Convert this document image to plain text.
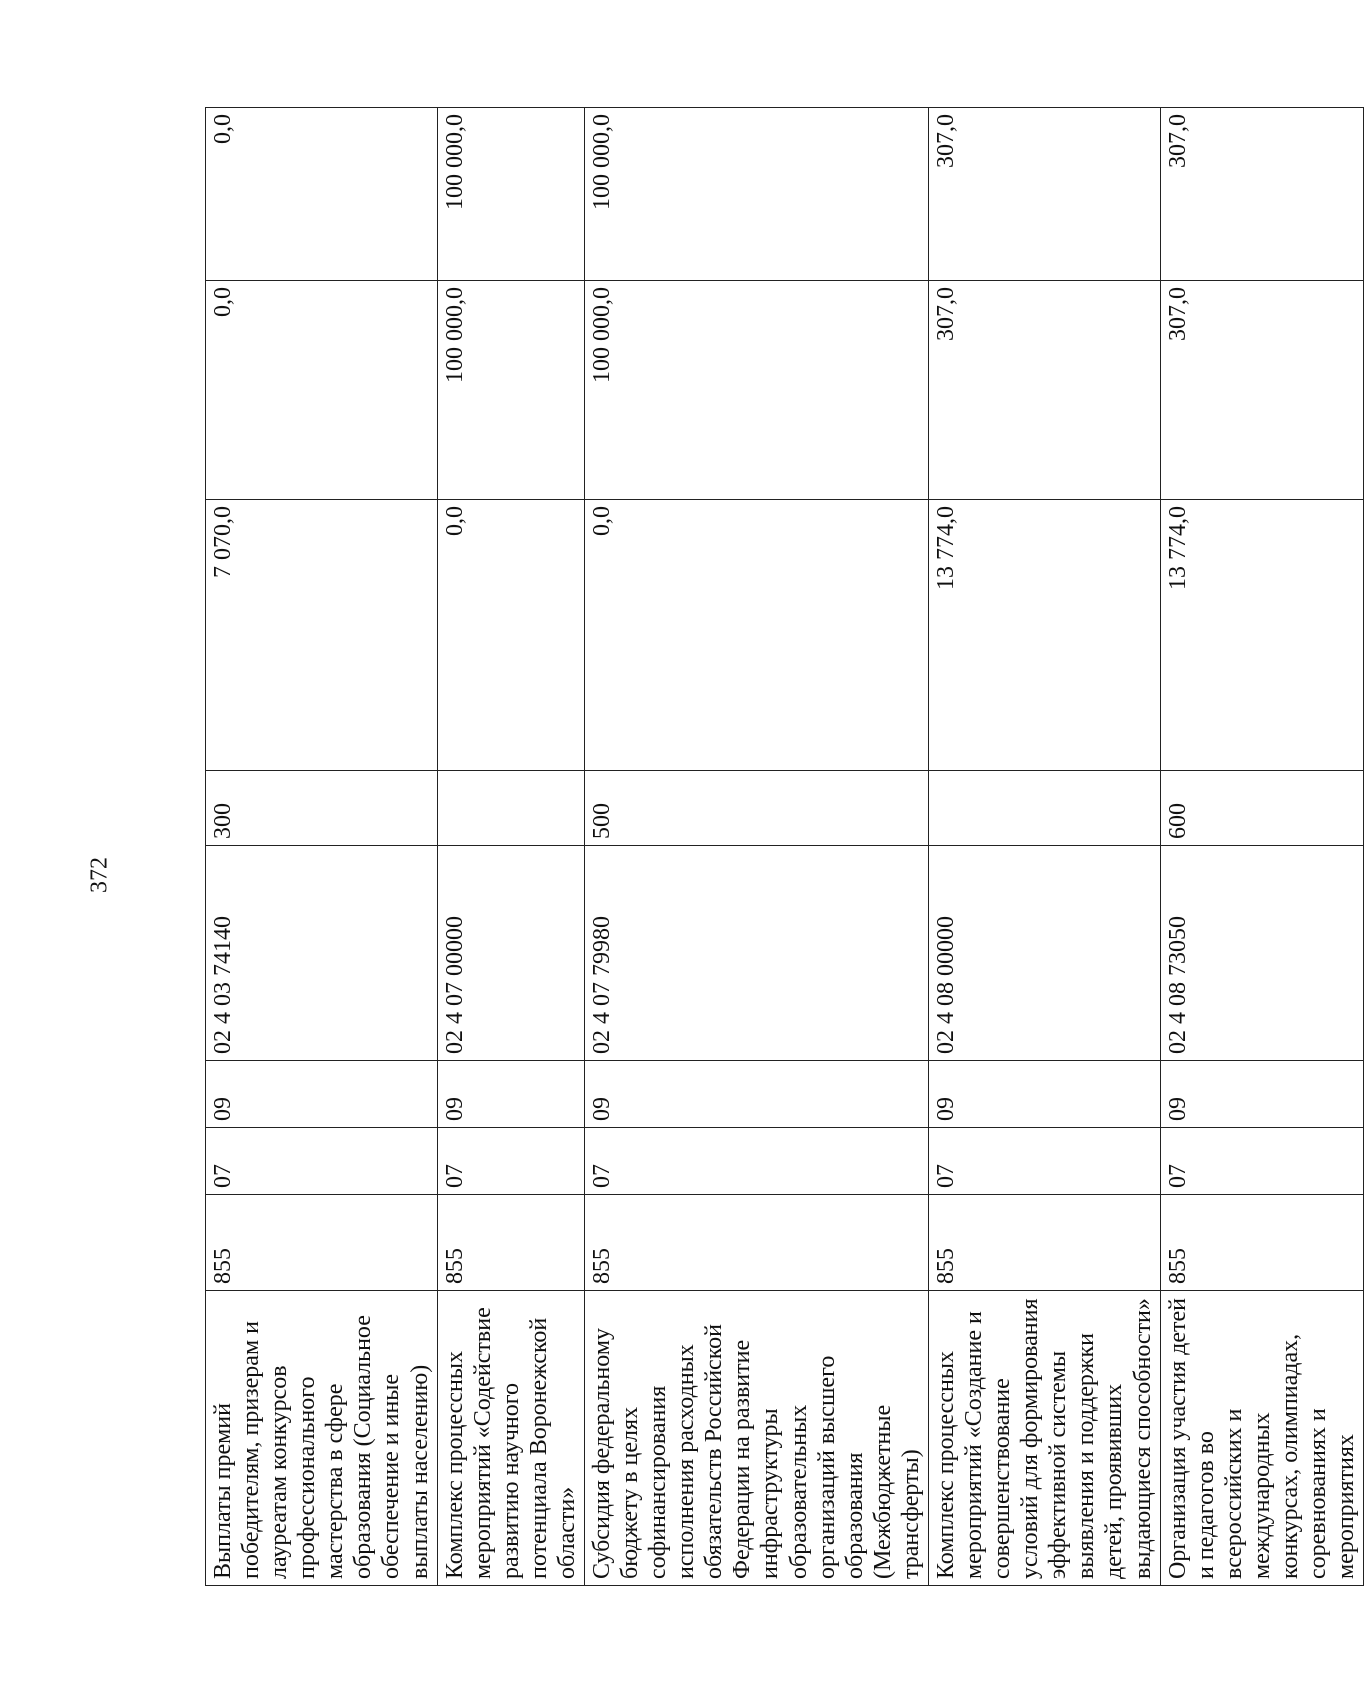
372
Выплаты премий победителям, призерам и лауреатам конкурсов профессионального мастерства в сфере образования (Социальное обеспечение и иные выплаты населению)	855	07	09	02 4 03 74140	300	7 070,0	0,0	0,0
Комплекс процессных мероприятий «Содействие развитию научного потенциала Воронежской области»	855	07	09	02 4 07 00000		0,0	100 000,0	100 000,0
Субсидия федеральному бюджету в целях софинансирования исполнения расходных обязательств Российской Федерации на развитие инфраструктуры образовательных организаций высшего образования (Межбюджетные трансферты)	855	07	09	02 4 07 79980	500	0,0	100 000,0	100 000,0
Комплекс процессных мероприятий «Создание и совершенствование условий для формирования эффективной системы выявления и поддержки детей, проявивших выдающиеся способности»	855	07	09	02 4 08 00000		13 774,0	307,0	307,0
Организация участия детей и педагогов во всероссийских и международных конкурсах, олимпиадах, соревнованиях и мероприятиях	855	07	09	02 4 08 73050	600	13 774,0	307,0	307,0
